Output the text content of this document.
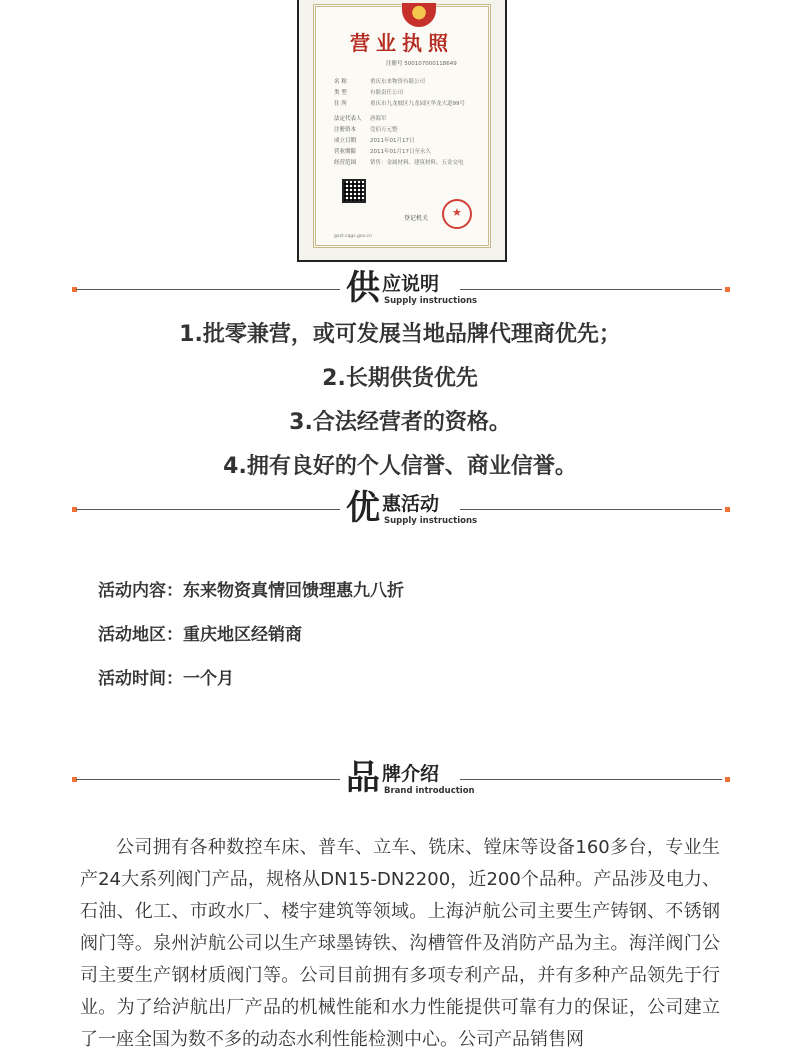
营业执照
注册号 500107000118649
名 称	重庆东来物资有限公司
类 型	有限责任公司
住 所	重庆市九龙坡区九龙园区华龙大道99号
法定代表人 唐海军
注册资本	壹佰万元整
成立日期	2011年01月17日
营业期限	2011年01月17日至永久
经营范围	销售：金属材料、建筑材料、五金交电
登记机关
★
gsxt.cqgs.gov.cn
供 应说明
Supply instructions
1.批零兼营，或可发展当地品牌代理商优先；
2.长期供货优先
3.合法经营者的资格。
4.拥有良好的个人信誉、商业信誉。
优 惠活动
Supply instructions
活动内容：东来物资真情回馈理惠九八折
活动地区：重庆地区经销商
活动时间：一个月
品 牌介绍
Brand introduction

公司拥有各种数控车床、普车、立车、铣床、镗床等设备160多台，专业生产24大系列阀门产品，规格从DN15-DN2200，近200个品种。产品涉及电力、石油、化工、市政水厂、楼宇建筑等领域。上海泸航公司主要生产铸钢、不锈钢阀门等。泉州泸航公司以生产球墨铸铁、沟槽管件及消防产品为主。海洋阀门公司主要生产钢材质阀门等。公司目前拥有多项专利产品，并有多种产品领先于行业。为了给泸航出厂产品的机械性能和水力性能提供可靠有力的保证，公司建立了一座全国为数不多的动态水利性能检测中心。公司产品销售网
